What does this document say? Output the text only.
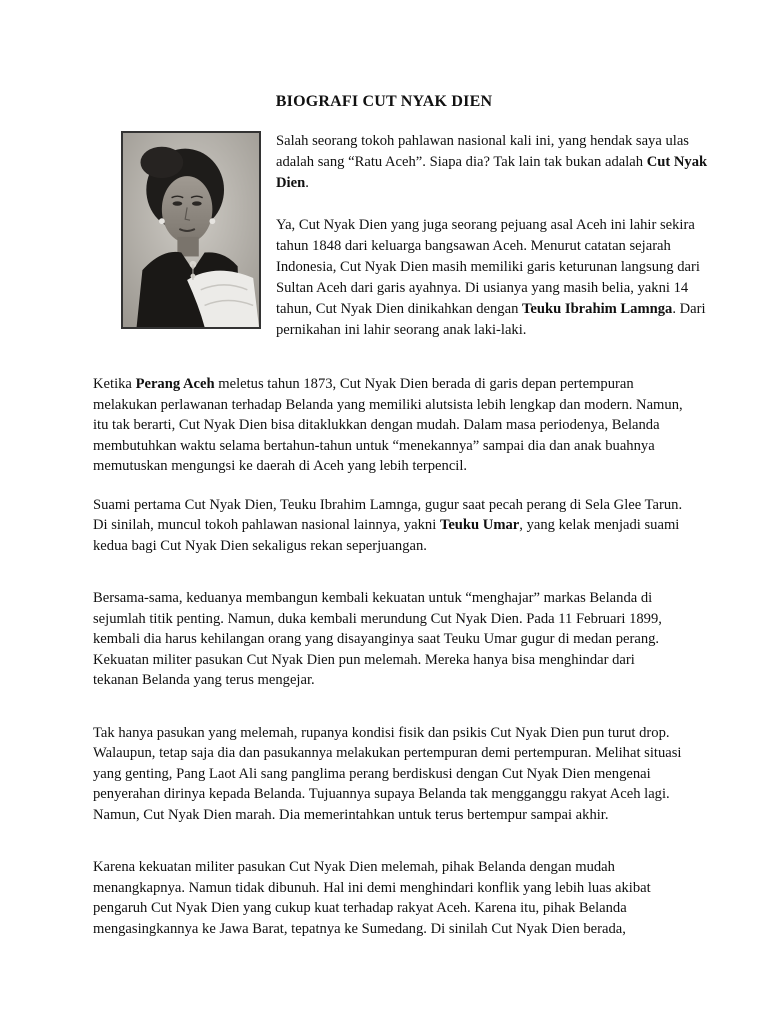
BIOGRAFI CUT NYAK DIEN

Salah seorang tokoh pahlawan nasional kali ini, yang hendak saya ulas adalah sang “Ratu Aceh”. Siapa dia? Tak lain tak bukan adalah Cut Nyak Dien.

Ya, Cut Nyak Dien yang juga seorang pejuang asal Aceh ini lahir sekira tahun 1848 dari keluarga bangsawan Aceh. Menurut catatan sejarah Indonesia, Cut Nyak Dien masih memiliki garis keturunan langsung dari Sultan Aceh dari garis ayahnya. Di usianya yang masih belia, yakni 14 tahun, Cut Nyak Dien dinikahkan dengan Teuku Ibrahim Lamnga. Dari pernikahan ini lahir seorang anak laki-laki.

Ketika Perang Aceh meletus tahun 1873, Cut Nyak Dien berada di garis depan pertempuran melakukan perlawanan terhadap Belanda yang memiliki alutsista lebih lengkap dan modern. Namun, itu tak berarti, Cut Nyak Dien bisa ditaklukkan dengan mudah. Dalam masa periodenya, Belanda membutuhkan waktu selama bertahun-tahun untuk “menekannya” sampai dia dan anak buahnya memutuskan mengungsi ke daerah di Aceh yang lebih terpencil.

Suami pertama Cut Nyak Dien, Teuku Ibrahim Lamnga, gugur saat pecah perang di Sela Glee Tarun. Di sinilah, muncul tokoh pahlawan nasional lainnya, yakni Teuku Umar, yang kelak menjadi suami kedua bagi Cut Nyak Dien sekaligus rekan seperjuangan.

Bersama-sama, keduanya membangun kembali kekuatan untuk “menghajar” markas Belanda di sejumlah titik penting. Namun, duka kembali merundung Cut Nyak Dien. Pada 11 Februari 1899, kembali dia harus kehilangan orang yang disayanginya saat Teuku Umar gugur di medan perang. Kekuatan militer pasukan Cut Nyak Dien pun melemah. Mereka hanya bisa menghindar dari tekanan Belanda yang terus mengejar.

Tak hanya pasukan yang melemah, rupanya kondisi fisik dan psikis Cut Nyak Dien pun turut drop. Walaupun, tetap saja dia dan pasukannya melakukan pertempuran demi pertempuran. Melihat situasi yang genting, Pang Laot Ali sang panglima perang berdiskusi dengan Cut Nyak Dien mengenai penyerahan dirinya kepada Belanda. Tujuannya supaya Belanda tak mengganggu rakyat Aceh lagi. Namun, Cut Nyak Dien marah. Dia memerintahkan untuk terus bertempur sampai akhir.

Karena kekuatan militer pasukan Cut Nyak Dien melemah, pihak Belanda dengan mudah menangkapnya. Namun tidak dibunuh. Hal ini demi menghindari konflik yang lebih luas akibat pengaruh Cut Nyak Dien yang cukup kuat terhadap rakyat Aceh. Karena itu, pihak Belanda mengasingkannya ke Jawa Barat, tepatnya ke Sumedang. Di sinilah Cut Nyak Dien berada,
